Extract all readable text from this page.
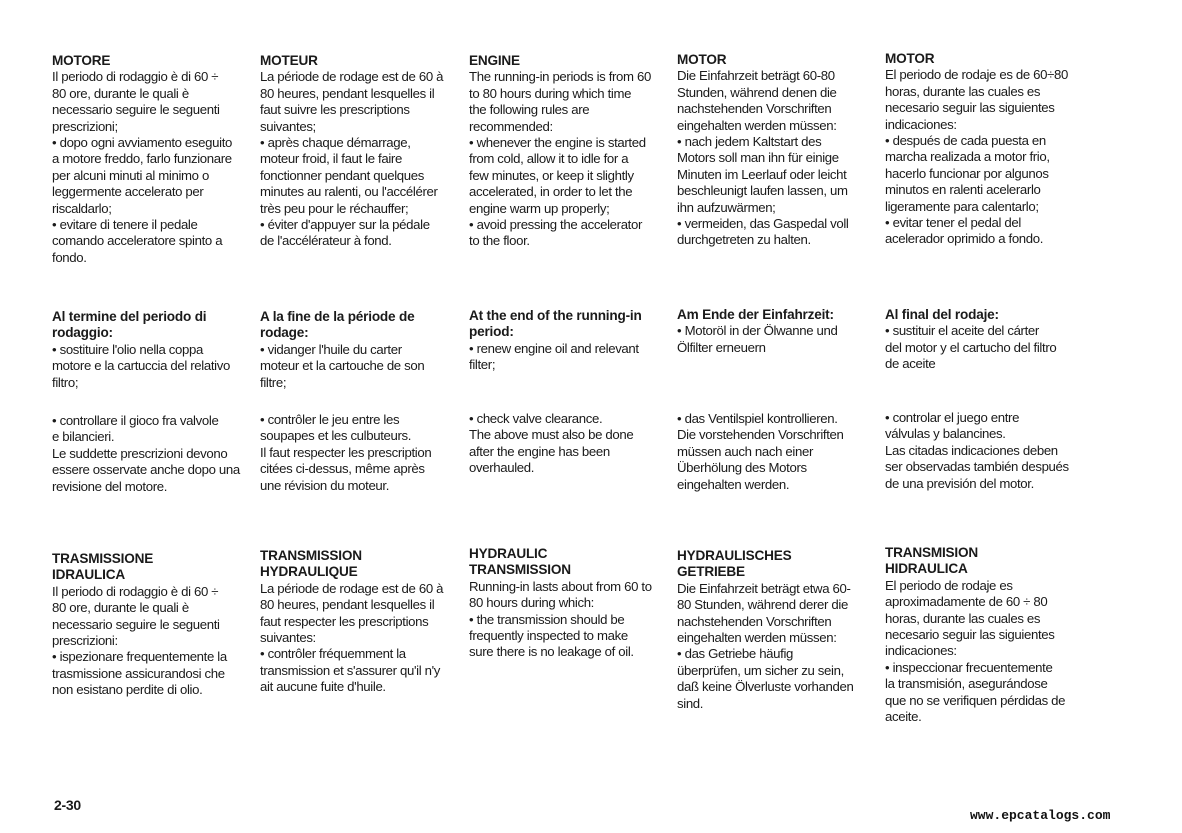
MOTORE

Il periodo di rodaggio è di 60 ÷
80 ore, durante le quali è
necessario seguire le seguenti
prescrizioni;
• dopo ogni avviamento eseguito
a motore freddo, farlo funzionare
per alcuni minuti al minimo o
leggermente accelerato per
riscaldarlo;
• evitare di tenere il pedale
comando acceleratore spinto a
fondo.

Al termine del periodo di
rodaggio:

• sostituire l'olio nella coppa
motore e la cartuccia del relativo
filtro;

• controllare il gioco fra valvole
e bilancieri.
Le suddette prescrizioni devono
essere osservate anche dopo una
revisione del motore.

TRASMISSIONE
IDRAULICA

Il periodo di rodaggio è di 60 ÷
80 ore, durante le quali è
necessario seguire le seguenti
prescrizioni:
• ispezionare frequentemente la
trasmissione assicurandosi che
non esistano perdite di olio.

MOTEUR

La période de rodage est de 60 à
80 heures, pendant lesquelles il
faut suivre les prescriptions
suivantes;
• après chaque démarrage,
moteur froid, il faut le faire
fonctionner pendant quelques
minutes au ralenti, ou l'accélérer
très peu pour le réchauffer;
• éviter d'appuyer sur la pédale
de l'accélérateur à fond.

A la fine de la période de
rodage:

• vidanger l'huile du carter
moteur et la cartouche de son
filtre;

• contrôler le jeu entre les
soupapes et les culbuteurs.
Il faut respecter les prescription
citées ci-dessus, même après
une révision du moteur.

TRANSMISSION
HYDRAULIQUE

La période de rodage est de 60 à
80 heures, pendant lesquelles il
faut respecter les prescriptions
suivantes:
• contrôler fréquemment la
transmission et s'assurer qu'il n'y
ait aucune fuite d'huile.

ENGINE

The running-in periods is from 60
to 80 hours during which time
the following rules are
recommended:
• whenever the engine is started
from cold, allow it to idle for a
few minutes, or keep it slightly
accelerated, in order to let the
engine warm up properly;
• avoid pressing the accelerator
to the floor.

At the end of the running-in
period:

• renew engine oil and relevant
filter;

• check valve clearance.
The above must also be done
after the engine has been
overhauled.

HYDRAULIC
TRANSMISSION

Running-in lasts about from 60 to
80 hours during which:
• the transmission should be
frequently inspected to make
sure there is no leakage of oil.

MOTOR

Die Einfahrzeit beträgt 60-80
Stunden, während denen die
nachstehenden Vorschriften
eingehalten werden müssen:
• nach jedem Kaltstart des
Motors soll man ihn für einige
Minuten im Leerlauf oder leicht
beschleunigt laufen lassen, um
ihn aufzuwärmen;
• vermeiden, das Gaspedal voll
durchgetreten zu halten.

Am Ende der Einfahrzeit:

• Motoröl in der Ölwanne und
Ölfilter erneuern

• das Ventilspiel kontrollieren.
Die vorstehenden Vorschriften
müssen auch nach einer
Überhölung des Motors
eingehalten werden.

HYDRAULISCHES
GETRIEBE

Die Einfahrzeit beträgt etwa 60-
80 Stunden, während derer die
nachstehenden Vorschriften
eingehalten werden müssen:
• das Getriebe häufig
überprüfen, um sicher zu sein,
daß keine Ölverluste vorhanden
sind.

MOTOR

El periodo de rodaje es de 60÷80
horas, durante las cuales es
necesario seguir las siguientes
indicaciones:
• después de cada puesta en
marcha realizada a motor frio,
hacerlo funcionar por algunos
minutos en ralenti acelerarlo
ligeramente para calentarlo;
• evitar tener el pedal del
acelerador oprimido a fondo.

Al final del rodaje:

• sustituir el aceite del cárter
del motor y el cartucho del filtro
de aceite

• controlar el juego entre
válvulas y balancines.
Las citadas indicaciones deben
ser observadas también después
de una previsión del motor.

TRANSMISION
HIDRAULICA

El periodo de rodaje es
aproximadamente de 60 ÷ 80
horas, durante las cuales es
necesario seguir las siguientes
indicaciones:
• inspeccionar frecuentemente
la transmisión, asegurándose
que no se verifiquen pérdidas de
aceite.

2-30
www.epcatalogs.com
